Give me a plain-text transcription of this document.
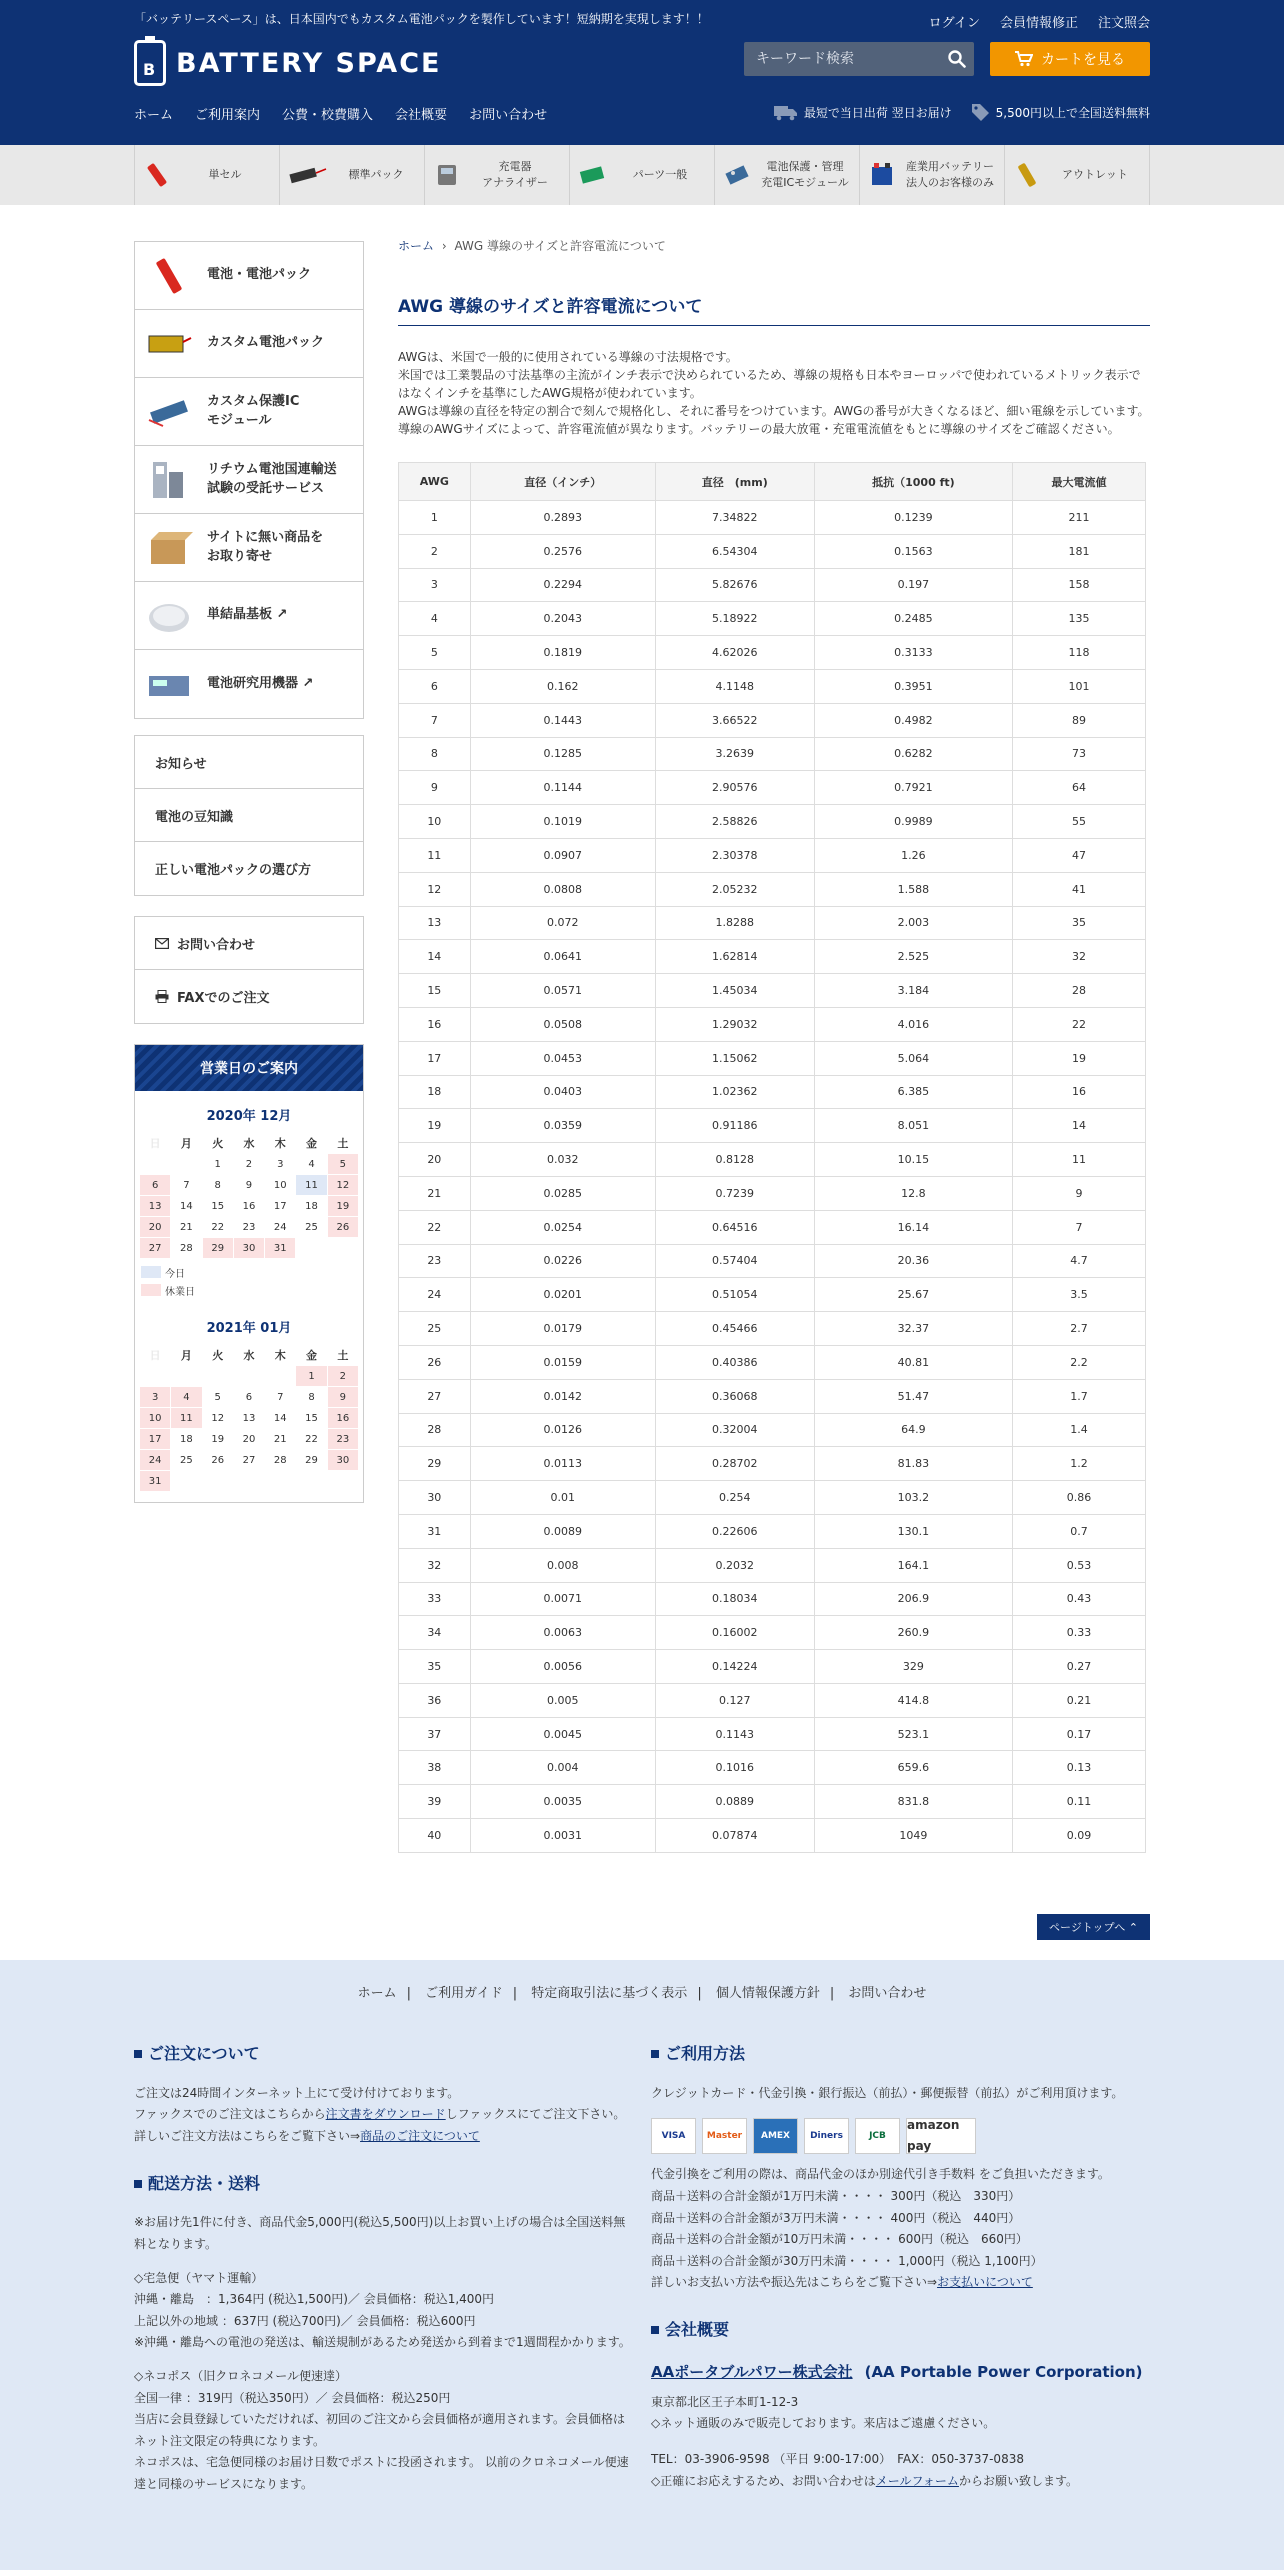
「バッテリースペース」は、日本国内でもカスタム電池パックを製作しています！短納期を実現します！！	ログイン 会員情報修正 注文照会
B BATTERY SPACE
キーワード検索	カートを見る
ホーム ご利用案内 公費・校費購入 会社概要 お問い合わせ	最短で当日出荷 翌日お届け	5,500円以上で全国送料無料
単セル	標準パック
充電器
アナライザー
パーツ一般
電池保護・管理
充電ICモジュール
産業用バッテリー
法人のお客様のみ
アウトレット
電池・電池パック
カスタム電池パック
カスタム保護IC
モジュール
リチウム電池国連輸送
試験の受託サービス
サイトに無い商品を
お取り寄せ
単結晶基板 ↗
電池研究用機器 ↗
お知らせ
電池の豆知識
正しい電池パックの選び方
お問い合わせ
FAXでのご注文
営業日のご案内
2020年 12月
日	月	火	水	木	金	土
		1	2	3	4	5
6	7	8	9	10	11	12
13	14	15	16	17	18	19
20	21	22	23	24	25	26
27	28	29	30	31		
今日
休業日
2021年 01月
日	月	火	水	木	金	土
					1	2
3	4	5	6	7	8	9
10	11	12	13	14	15	16
17	18	19	20	21	22	23
24	25	26	27	28	29	30
31						
ホーム › AWG 導線のサイズと許容電流について
AWG 導線のサイズと許容電流について

AWGは、米国で一般的に使用されている導線の寸法規格です。

米国では工業製品の寸法基準の主流がインチ表示で決められているため、導線の規格も日本やヨーロッパで使われているメトリック表示ではなくインチを基準にしたAWG規格が使われています。

AWGは導線の直径を特定の割合で刻んで規格化し、それに番号をつけています。AWGの番号が大きくなるほど、細い電線を示しています。

導線のAWGサイズによって、許容電流値が異なります。バッテリーの最大放電・充電電流値をもとに導線のサイズをご確認ください。

AWG	直径（インチ）	直径　(mm)	抵抗（1000 ft)	最大電流値
1	0.2893	7.34822	0.1239	211
2	0.2576	6.54304	0.1563	181
3	0.2294	5.82676	0.197	158
4	0.2043	5.18922	0.2485	135
5	0.1819	4.62026	0.3133	118
6	0.162	4.1148	0.3951	101
7	0.1443	3.66522	0.4982	89
8	0.1285	3.2639	0.6282	73
9	0.1144	2.90576	0.7921	64
10	0.1019	2.58826	0.9989	55
11	0.0907	2.30378	1.26	47
12	0.0808	2.05232	1.588	41
13	0.072	1.8288	2.003	35
14	0.0641	1.62814	2.525	32
15	0.0571	1.45034	3.184	28
16	0.0508	1.29032	4.016	22
17	0.0453	1.15062	5.064	19
18	0.0403	1.02362	6.385	16
19	0.0359	0.91186	8.051	14
20	0.032	0.8128	10.15	11
21	0.0285	0.7239	12.8	9
22	0.0254	0.64516	16.14	7
23	0.0226	0.57404	20.36	4.7
24	0.0201	0.51054	25.67	3.5
25	0.0179	0.45466	32.37	2.7
26	0.0159	0.40386	40.81	2.2
27	0.0142	0.36068	51.47	1.7
28	0.0126	0.32004	64.9	1.4
29	0.0113	0.28702	81.83	1.2
30	0.01	0.254	103.2	0.86
31	0.0089	0.22606	130.1	0.7
32	0.008	0.2032	164.1	0.53
33	0.0071	0.18034	206.9	0.43
34	0.0063	0.16002	260.9	0.33
35	0.0056	0.14224	329	0.27
36	0.005	0.127	414.8	0.21
37	0.0045	0.1143	523.1	0.17
38	0.004	0.1016	659.6	0.13
39	0.0035	0.0889	831.8	0.11
40	0.0031	0.07874	1049	0.09
ページトップへ ⌃
ホーム | ご利用ガイド | 特定商取引法に基づく表示 | 個人情報保護方針 | お問い合わせ
ご注文について

ご注文は24時間インターネット上にて受け付けております。

ファックスでのご注文はこちらから注文書をダウンロードしファックスにてご注文下さい。

詳しいご注文方法はこちらをご覧下さい⇒商品のご注文について

配送方法・送料

※お届け先1件に付き、商品代金5,000円(税込5,500円)以上お買い上げの場合は全国送料無料となります。

◇宅急便（ヤマト運輸）

沖縄・離島　：1,364円 (税込1,500円)／ 会員価格：税込1,400円

上記以外の地域 ：637円 (税込700円)／ 会員価格：税込600円

※沖縄・離島への電池の発送は、輸送規制があるため発送から到着まで1週間程かかります。

◇ネコポス（旧クロネコメール便速達）

全国一律 ：319円（税込350円）／ 会員価格：税込250円

当店に会員登録していただければ、初回のご注文から会員価格が適用されます。会員価格はネット注文限定の特典になります。

ネコポスは、宅急便同様のお届け日数でポストに投函されます。 以前のクロネコメール便速達と同様のサービスになります。

ご利用方法

クレジットカード・代金引換・銀行振込（前払）・郵便振替（前払）がご利用頂けます。

VISA	Master	AMEX	Diners	JCB
amazon pay

代金引換をご利用の際は、商品代金のほか別途代引き手数料 をご負担いただきます。

商品＋送料の合計金額が1万円未満・・・・ 300円（税込　330円）

商品＋送料の合計金額が3万円未満・・・・ 400円（税込　440円）

商品＋送料の合計金額が10万円未満・・・・ 600円（税込　660円）

商品＋送料の合計金額が30万円未満・・・・ 1,000円（税込 1,100円）

詳しいお支払い方法や振込先はこちらをご覧下さい⇒お支払いについて

会社概要

AAポータブルパワー株式会社　 (AA Portable Power Corporation)

東京都北区王子本町1-12-3

◇ネット通販のみで販売しております。来店はご遠慮ください。

TEL：03-3906-9598 （平日 9:00-17:00）　FAX：050-3737-0838

◇正確にお応えするため、お問い合わせはメールフォームからお願い致します。
